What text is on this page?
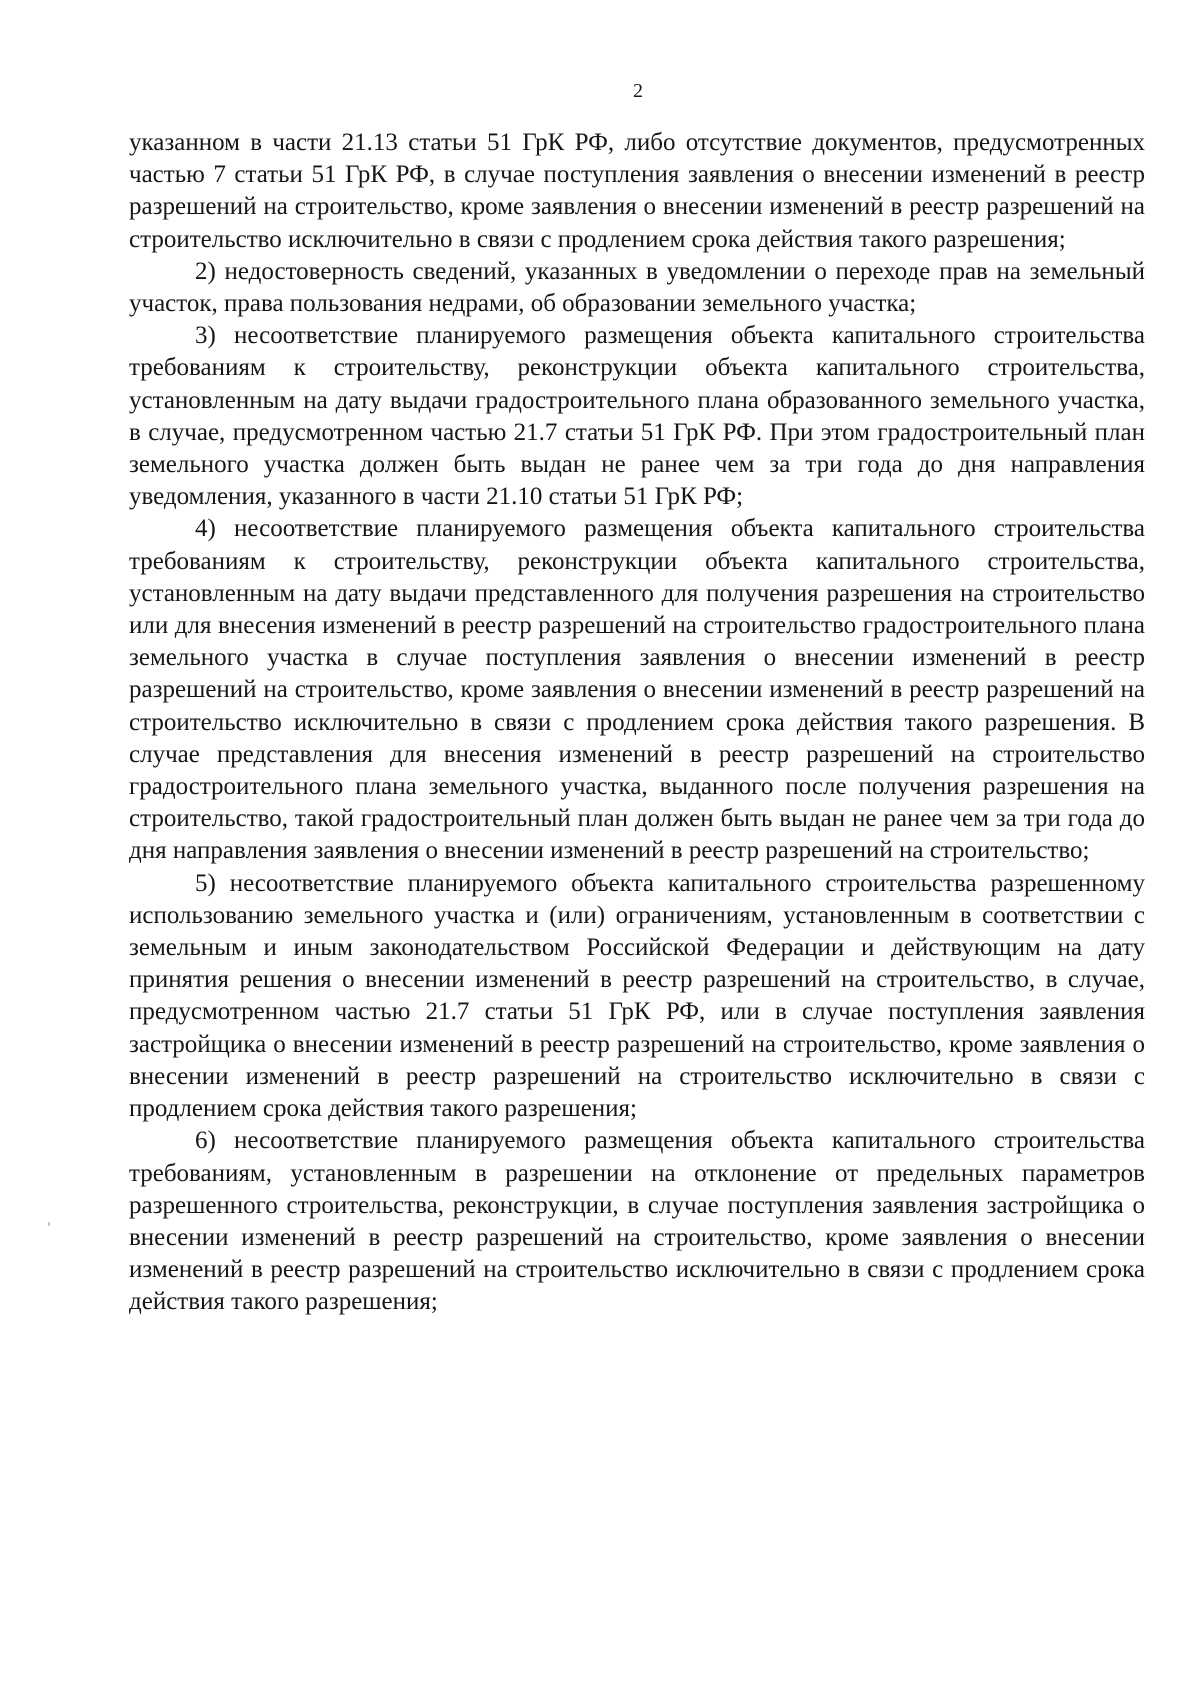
2

указанном в части 21.13 статьи 51 ГрК РФ, либо отсутствие документов, предусмотренных частью 7 статьи 51 ГрК РФ, в случае поступления заявления о внесении изменений в реестр разрешений на строительство, кроме заявления о внесении изменений в реестр разрешений на строительство исключительно в связи с продлением срока действия такого разрешения;

2) недостоверность сведений, указанных в уведомлении о переходе прав на земельный участок, права пользования недрами, об образовании земельного участка;

3) несоответствие планируемого размещения объекта капитального строительства требованиям к строительству, реконструкции объекта капитального строительства, установленным на дату выдачи градостроительного плана образованного земельного участка, в случае, предусмотренном частью 21.7 статьи 51 ГрК РФ. При этом градостроительный план земельного участка должен быть выдан не ранее чем за три года до дня направления уведомления, указанного в части 21.10 статьи 51 ГрК РФ;

4) несоответствие планируемого размещения объекта капитального строительства требованиям к строительству, реконструкции объекта капитального строительства, установленным на дату выдачи представленного для получения разрешения на строительство или для внесения изменений в реестр разрешений на строительство градостроительного плана земельного участка в случае поступления заявления о внесении изменений в реестр разрешений на строительство, кроме заявления о внесении изменений в реестр разрешений на строительство исключительно в связи с продлением срока действия такого разрешения. В случае представления для внесения изменений в реестр разрешений на строительство градостроительного плана земельного участка, выданного после получения разрешения на строительство, такой градостроительный план должен быть выдан не ранее чем за три года до дня направления заявления о внесении изменений в реестр разрешений на строительство;

5) несоответствие планируемого объекта капитального строительства разрешенному использованию земельного участка и (или) ограничениям, установленным в соответствии с земельным и иным законодательством Российской Федерации и действующим на дату принятия решения о внесении изменений в реестр разрешений на строительство, в случае, предусмотренном частью 21.7 статьи 51 ГрК РФ, или в случае поступления заявления застройщика о внесении изменений в реестр разрешений на строительство, кроме заявления о внесении изменений в реестр разрешений на строительство исключительно в связи с продлением срока действия такого разрешения;

6) несоответствие планируемого размещения объекта капитального строительства требованиям, установленным в разрешении на отклонение от предельных параметров разрешенного строительства, реконструкции, в случае поступления заявления застройщика о внесении изменений в реестр разрешений на строительство, кроме заявления о внесении изменений в реестр разрешений на строительство исключительно в связи с продлением срока действия такого разрешения;
